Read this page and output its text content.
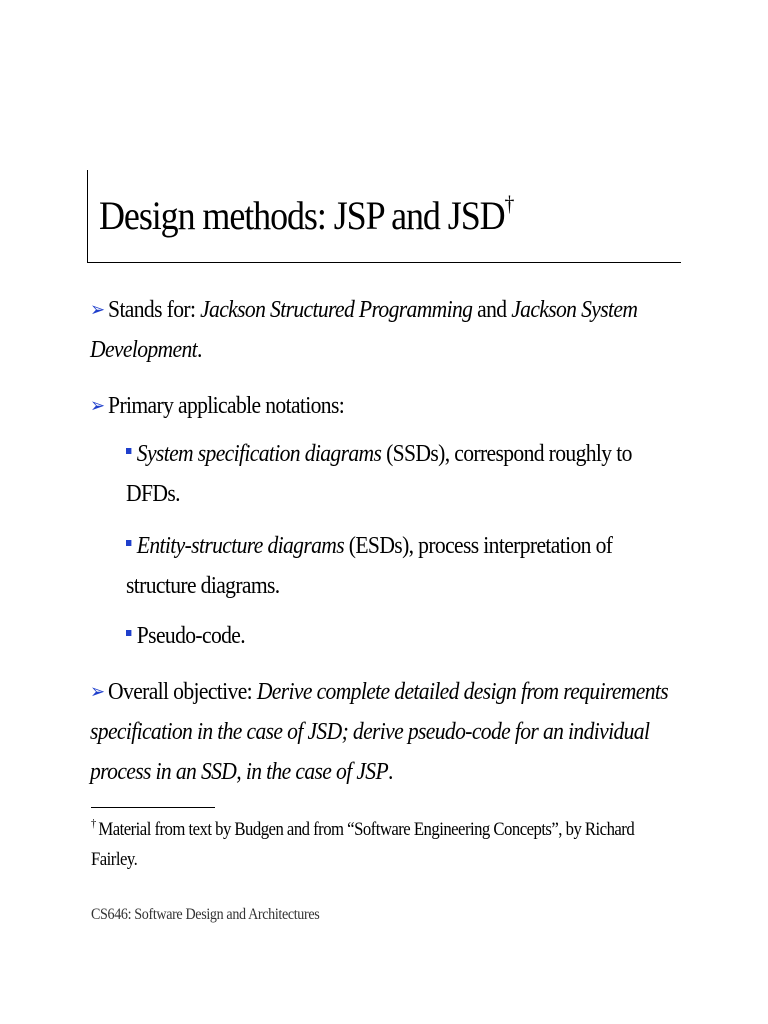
Design methods: JSP and JSD†
➢ Stands for: Jackson Structured Programming and Jackson System Development.
➢ Primary applicable notations:
System specification diagrams (SSDs), correspond roughly to DFDs.
Entity-structure diagrams (ESDs), process interpretation of structure diagrams.
Pseudo-code.
➢ Overall objective: Derive complete detailed design from requirements specification in the case of JSD; derive pseudo-code for an individual process in an SSD, in the case of JSP.
† Material from text by Budgen and from “Software Engineering Concepts”, by Richard Fairley.
CS646: Software Design and Architectures
